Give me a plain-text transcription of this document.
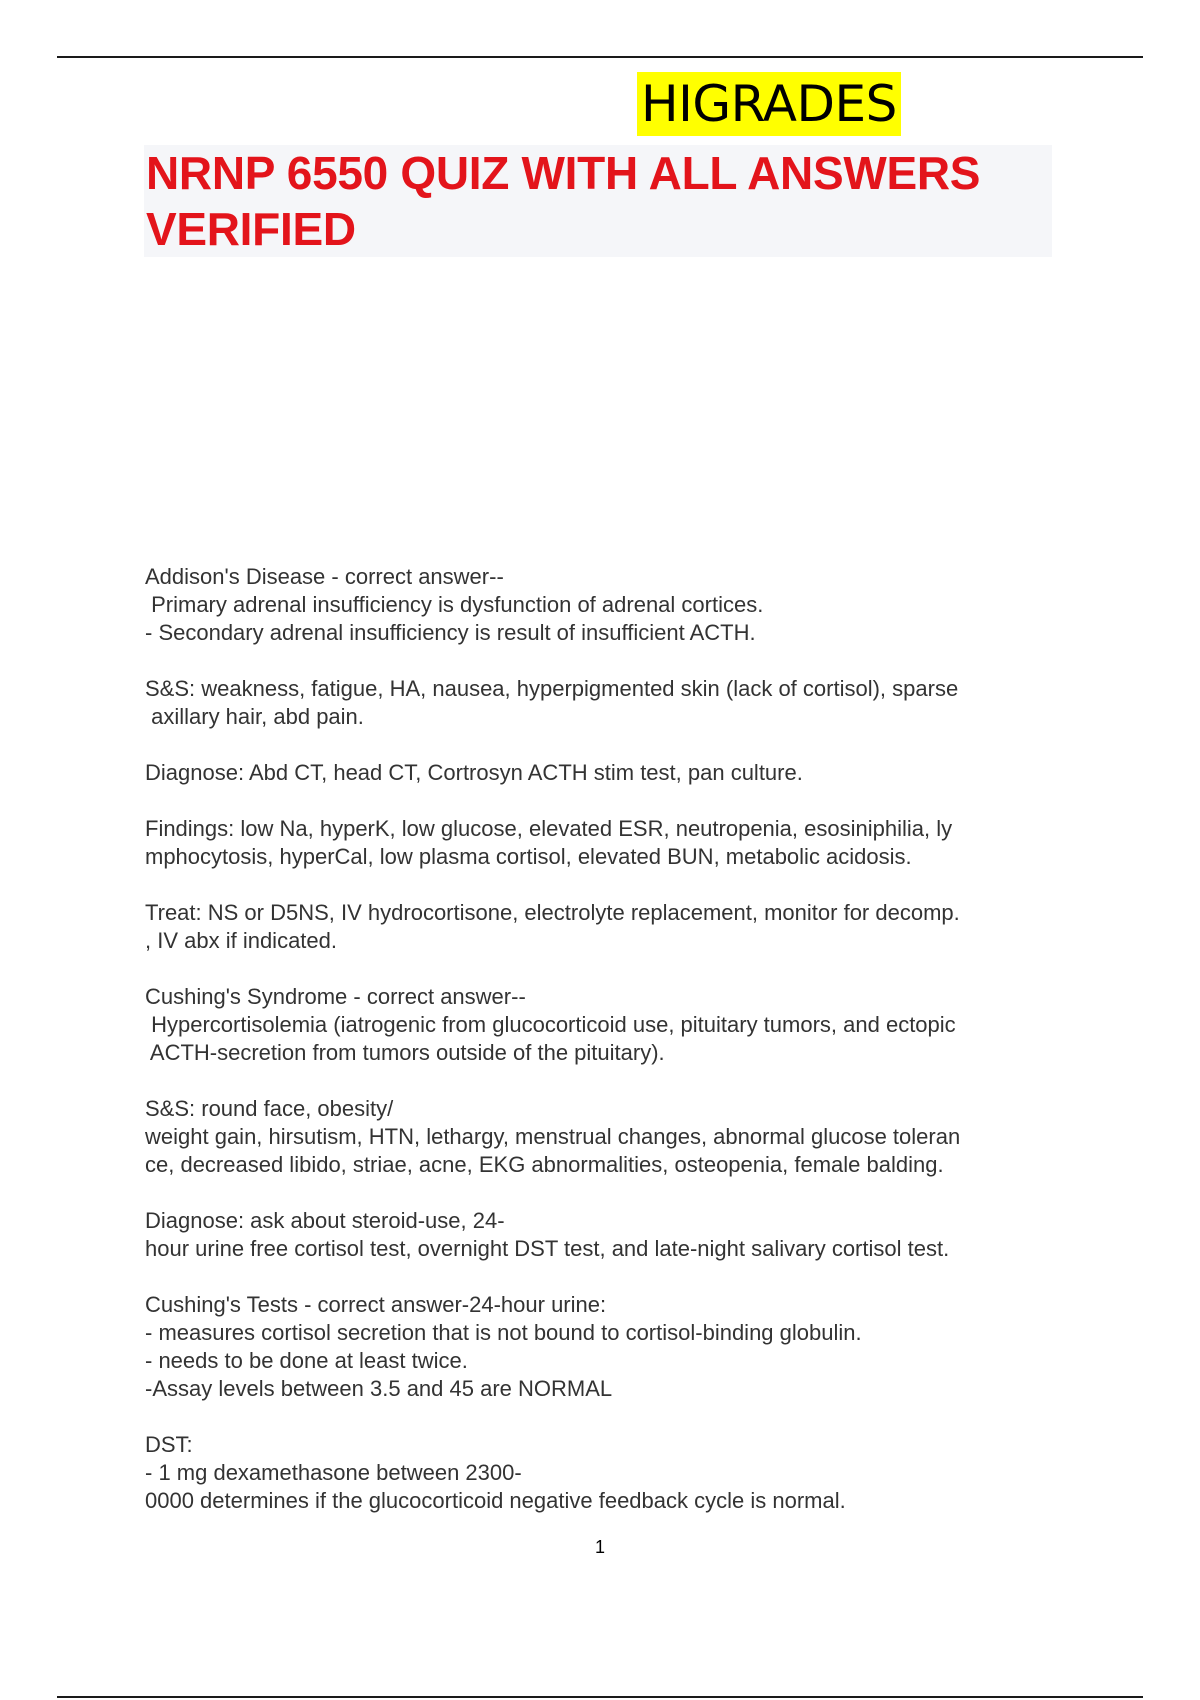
HIGRADES
NRNP 6550 QUIZ WITH ALL ANSWERS
VERIFIED

Addison's Disease - correct answer--
Primary adrenal insufficiency is dysfunction of adrenal cortices.
- Secondary adrenal insufficiency is result of insufficient ACTH.

S&S: weakness, fatigue, HA, nausea, hyperpigmented skin (lack of cortisol), sparse
axillary hair, abd pain.

Diagnose: Abd CT, head CT, Cortrosyn ACTH stim test, pan culture.

Findings: low Na, hyperK, low glucose, elevated ESR, neutropenia, esosiniphilia, ly
mphocytosis, hyperCal, low plasma cortisol, elevated BUN, metabolic acidosis.

Treat: NS or D5NS, IV hydrocortisone, electrolyte replacement, monitor for decomp.
, IV abx if indicated.

Cushing's Syndrome - correct answer--
Hypercortisolemia (iatrogenic from glucocorticoid use, pituitary tumors, and ectopic
ACTH-secretion from tumors outside of the pituitary).

S&S: round face, obesity/
weight gain, hirsutism, HTN, lethargy, menstrual changes, abnormal glucose toleran
ce, decreased libido, striae, acne, EKG abnormalities, osteopenia, female balding.

Diagnose: ask about steroid-use, 24-
hour urine free cortisol test, overnight DST test, and late-night salivary cortisol test.

Cushing's Tests - correct answer-24-hour urine:
- measures cortisol secretion that is not bound to cortisol-binding globulin.
- needs to be done at least twice.
-Assay levels between 3.5 and 45 are NORMAL

DST:
- 1 mg dexamethasone between 2300-
0000 determines if the glucocorticoid negative feedback cycle is normal.

1
